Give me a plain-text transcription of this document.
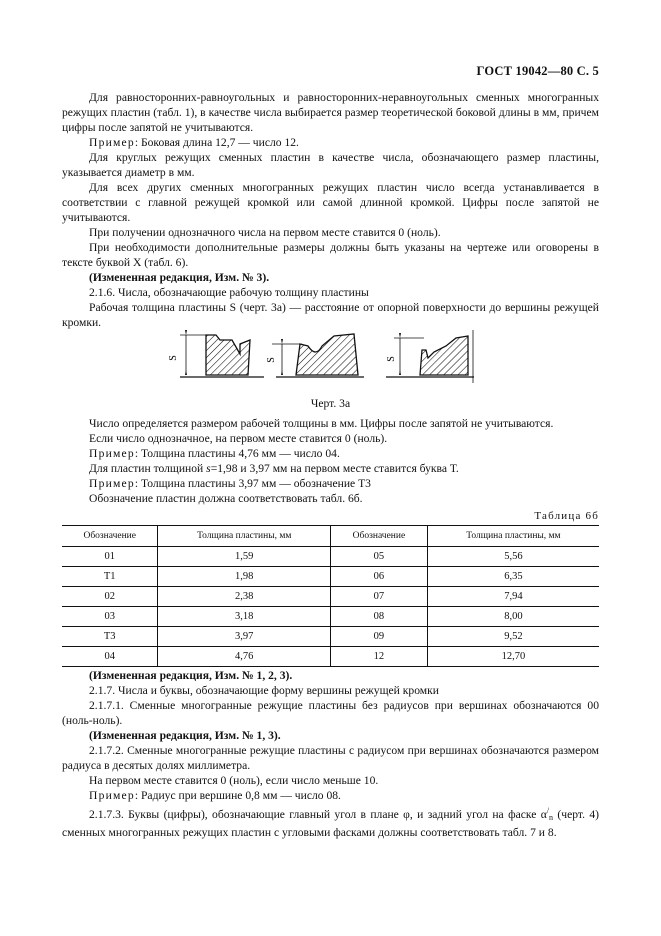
ГОСТ 19042—80 С. 5

Для равносторонних-равноугольных и равносторонних-неравноугольных сменных многогранных режущих пластин (табл. 1), в качестве числа выбирается размер теоретической боковой длины в мм, причем цифры после запятой не учитываются.

Пример: Боковая длина 12,7 — число 12.

Для круглых режущих сменных пластин в качестве числа, обозначающего размер пластины, указывается диаметр в мм.

Для всех других сменных многогранных режущих пластин число всегда устанавливается в соответствии с главной режущей кромкой или самой длинной кромкой. Цифры после запятой не учитываются.

При получении однозначного числа на первом месте ставится 0 (ноль).

При необходимости дополнительные размеры должны быть указаны на чертеже или оговорены в тексте буквой X (табл. 6).

(Измененная редакция, Изм. № 3).

2.1.6. Числа, обозначающие рабочую толщину пластины

Рабочая толщина пластины S (черт. 3а) — расстояние от опорной поверхности до вершины режущей кромки.

S	S	S
Черт. 3а

Число определяется размером рабочей толщины в мм. Цифры после запятой не учитываются.

Если число однозначное, на первом месте ставится 0 (ноль).

Пример: Толщина пластины 4,76 мм — число 04.

Для пластин толщиной s=1,98 и 3,97 мм на первом месте ставится буква Т.

Пример: Толщина пластины 3,97 мм — обозначение Т3

Обозначение пластин должна соответствовать табл. 6б.

Таблица 6б
Обозначение	Толщина пластины, мм	Обозначение	Толщина пластины, мм
01	1,59	05	5,56
Т1	1,98	06	6,35
02	2,38	07	7,94
03	3,18	08	8,00
Т3	3,97	09	9,52
04	4,76	12	12,70

(Измененная редакция, Изм. № 1, 2, 3).

2.1.7. Числа и буквы, обозначающие форму вершины режущей кромки

2.1.7.1. Сменные многогранные режущие пластины без радиусов при вершинах обозначаются 00 (ноль-ноль).

(Измененная редакция, Изм. № 1, 3).

2.1.7.2. Сменные многогранные режущие пластины с радиусом при вершинах обозначаются размером радиуса в десятых долях миллиметра.

На первом месте ставится 0 (ноль), если число меньше 10.

Пример: Радиус при вершине 0,8 мм — число 08.

2.1.7.3. Буквы (цифры), обозначающие главный угол в плане φ, и задний угол на фаске $\alpha^/_n$ (черт. 4) сменных многогранных режущих пластин с угловыми фасками должны соответствовать табл. 7 и 8.
